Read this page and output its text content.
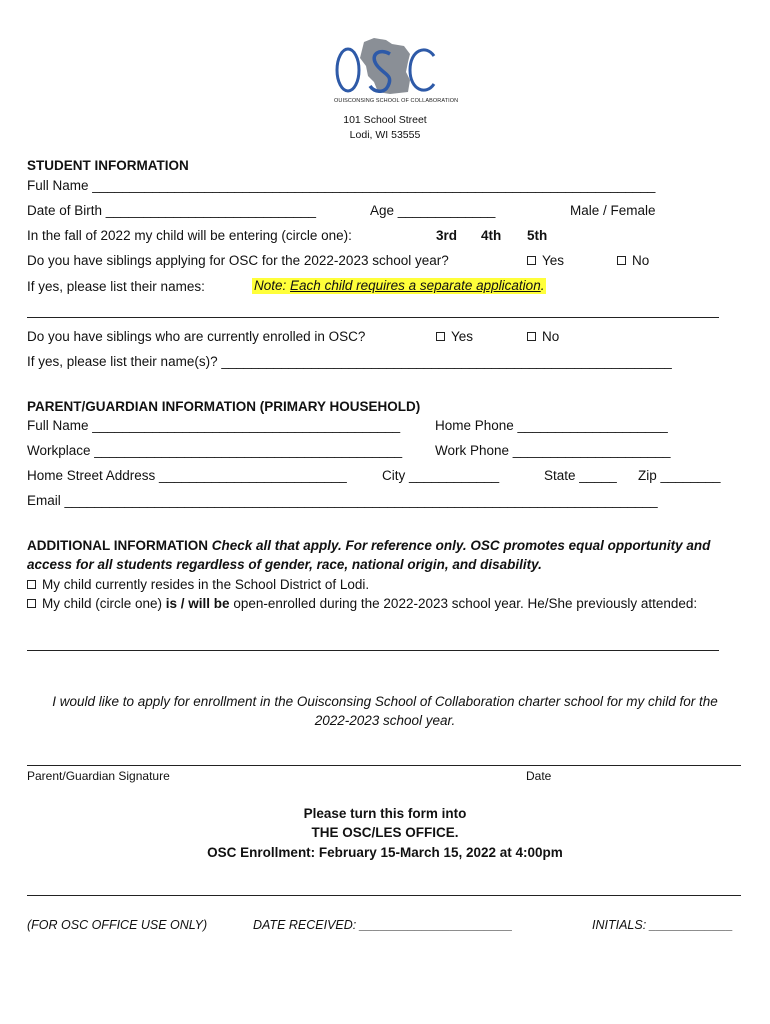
OUISCONSING SCHOOL OF COLLABORATION
101 School Street
Lodi, WI 53555
STUDENT INFORMATION
Full Name ___________________________________________________________________________
Date of Birth ____________________________	Age _____________	Male / Female
In the fall of 2022 my child will be entering (circle one):	3rd 4th 5th
Do you have siblings applying for OSC for the 2022-2023 school year?	Yes	No
If yes, please list their names:	Note: Each child requires a separate application.
Do you have siblings who are currently enrolled in OSC?	Yes	No
If yes, please list their name(s)? ____________________________________________________________
PARENT/GUARDIAN INFORMATION (PRIMARY HOUSEHOLD)
Full Name _________________________________________	Home Phone ____________________
Workplace _________________________________________ Work Phone _____________________
Home Street Address _________________________	City ____________	State _____ Zip ________
Email _______________________________________________________________________________
ADDITIONAL INFORMATION Check all that apply. For reference only. OSC promotes equal opportunity and
access for all students regardless of gender, race, national origin, and disability.
My child currently resides in the School District of Lodi.
My child (circle one) is / will be open-enrolled during the 2022-2023 school year. He/She previously attended:
I would like to apply for enrollment in the Ouisconsing School of Collaboration charter school for my child for the
2022-2023 school year.
Parent/Guardian Signature	Date
Please turn this form into
THE OSC/LES OFFICE.
OSC Enrollment: February 15-March 15, 2022 at 4:00pm
(FOR OSC OFFICE USE ONLY)	DATE RECEIVED: ______________________	INITIALS: ____________
